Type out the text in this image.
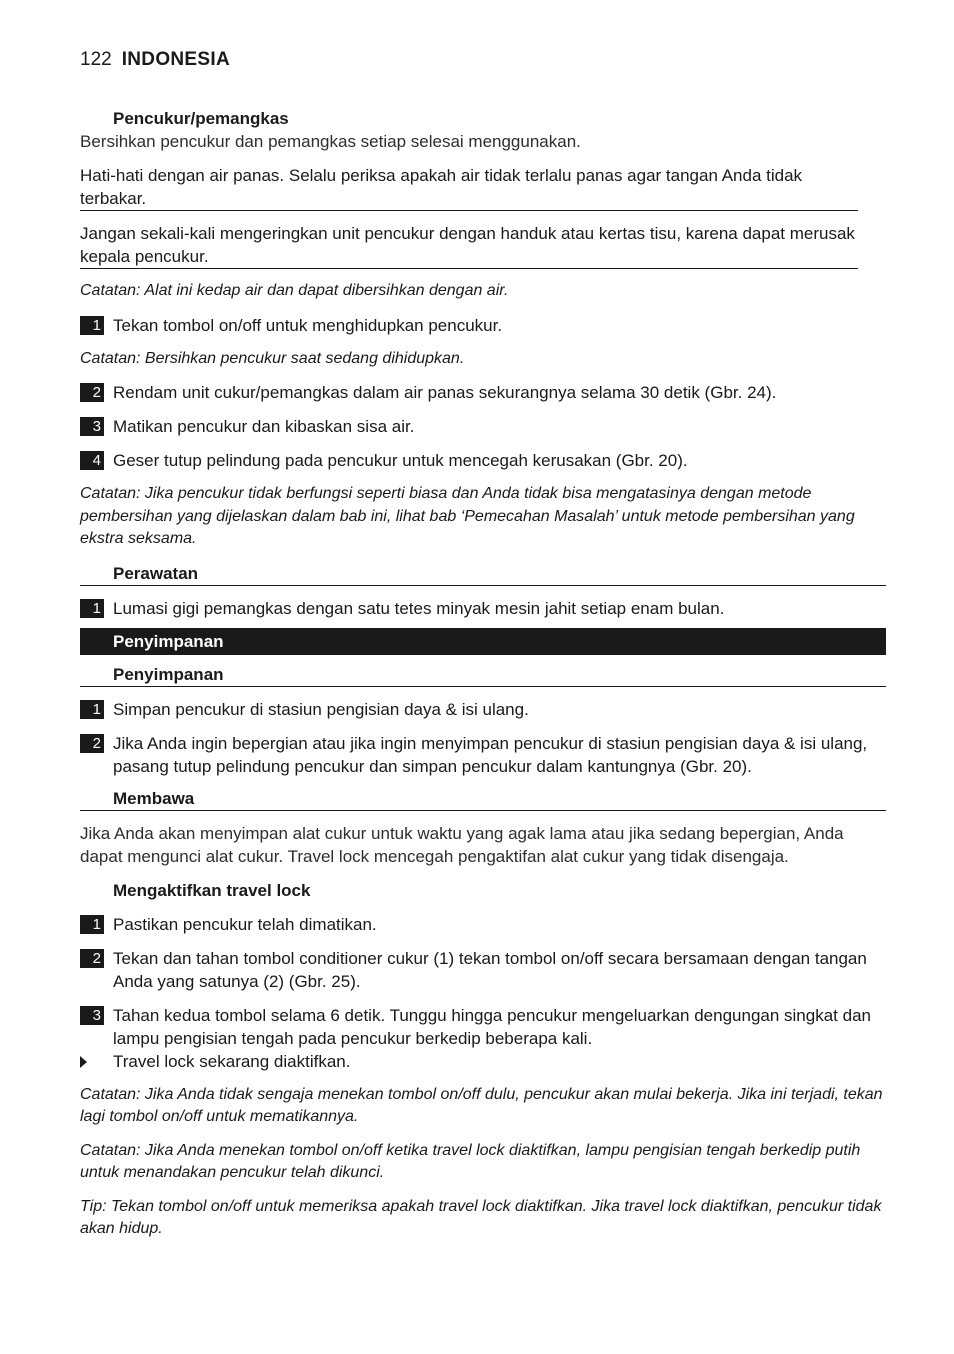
122 INDONESIA
Pencukur/pemangkas

Bersihkan pencukur dan pemangkas setiap selesai menggunakan.

Hati-hati dengan air panas. Selalu periksa apakah air tidak terlalu panas agar tangan Anda tidak terbakar.

Jangan sekali-kali mengeringkan unit pencukur dengan handuk atau kertas tisu, karena dapat merusak kepala pencukur.

Catatan: Alat ini kedap air dan dapat dibersihkan dengan air.

1 Tekan tombol on/off untuk menghidupkan pencukur.

Catatan: Bersihkan pencukur saat sedang dihidupkan.

2 Rendam unit cukur/pemangkas dalam air panas sekurangnya selama 30 detik (Gbr. 24).
3 Matikan pencukur dan kibaskan sisa air.
4 Geser tutup pelindung pada pencukur untuk mencegah kerusakan (Gbr. 20).

Catatan: Jika pencukur tidak berfungsi seperti biasa dan Anda tidak bisa mengatasinya dengan metode pembersihan yang dijelaskan dalam bab ini, lihat bab ‘Pemecahan Masalah’ untuk metode pembersihan yang ekstra seksama.

Perawatan
1 Lumasi gigi pemangkas dengan satu tetes minyak mesin jahit setiap enam bulan.
Penyimpanan
Penyimpanan
1 Simpan pencukur di stasiun pengisian daya & isi ulang.
2 Jika Anda ingin bepergian atau jika ingin menyimpan pencukur di stasiun pengisian daya & isi ulang, pasang tutup pelindung pencukur dan simpan pencukur dalam kantungnya (Gbr. 20).
Membawa

Jika Anda akan menyimpan alat cukur untuk waktu yang agak lama atau jika sedang bepergian, Anda dapat mengunci alat cukur. Travel lock mencegah pengaktifan alat cukur yang tidak disengaja.

Mengaktifkan travel lock
1 Pastikan pencukur telah dimatikan.
2 Tekan dan tahan tombol conditioner cukur (1) tekan tombol on/off secara bersamaan dengan tangan Anda yang satunya (2) (Gbr. 25).
3 Tahan kedua tombol selama 6 detik. Tunggu hingga pencukur mengeluarkan dengungan singkat dan lampu pengisian tengah pada pencukur berkedip beberapa kali.
Travel lock sekarang diaktifkan.

Catatan: Jika Anda tidak sengaja menekan tombol on/off dulu, pencukur akan mulai bekerja. Jika ini terjadi, tekan lagi tombol on/off untuk mematikannya.

Catatan: Jika Anda menekan tombol on/off ketika travel lock diaktifkan, lampu pengisian tengah berkedip putih untuk menandakan pencukur telah dikunci.

Tip: Tekan tombol on/off untuk memeriksa apakah travel lock diaktifkan. Jika travel lock diaktifkan, pencukur tidak akan hidup.
